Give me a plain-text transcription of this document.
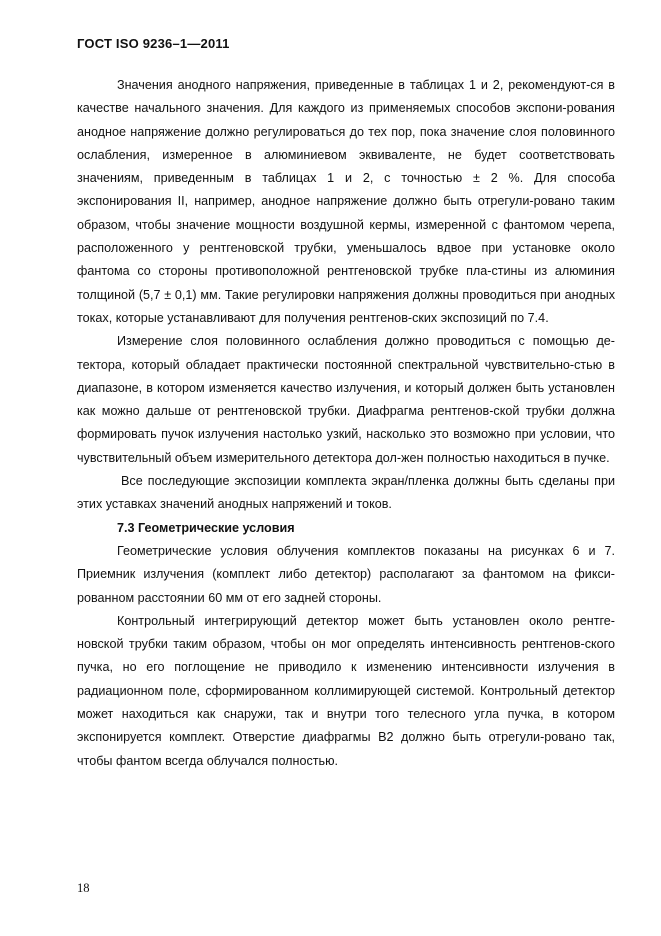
ГОСТ ISO 9236–1—2011

Значения анодного напряжения, приведенные в таблицах 1 и 2, рекомендуют-ся в качестве начального значения. Для каждого из применяемых способов экспони-рования анодное напряжение должно регулироваться до тех пор, пока значение слоя половинного ослабления, измеренное в алюминиевом эквиваленте, не будет соответствовать значениям, приведенным в таблицах 1 и 2, с точностью ± 2 %. Для способа экспонирования II, например, анодное напряжение должно быть отрегули-ровано таким образом, чтобы значение мощности воздушной кермы, измеренной с фантомом черепа, расположенного у рентгеновской трубки, уменьшалось вдвое при установке около фантома со стороны противоположной рентгеновской трубке пла-стины из алюминия толщиной (5,7 ± 0,1) мм. Такие регулировки напряжения должны проводиться при анодных токах, которые устанавливают для получения рентгенов-ских экспозиций по 7.4.

Измерение слоя половинного ослабления должно проводиться с помощью де-тектора, который обладает практически постоянной спектральной чувствительно-стью в диапазоне, в котором изменяется качество излучения, и который должен быть установлен как можно дальше от рентгеновской трубки. Диафрагма рентгенов-ской трубки должна формировать пучок излучения настолько узкий, насколько это возможно при условии, что чувствительный объем измерительного детектора дол-жен полностью находиться в пучке.

Все последующие экспозиции комплекта экран/пленка должны быть сделаны при этих уставках значений анодных напряжений и токов.

7.3 Геометрические условия

Геометрические условия облучения комплектов показаны на рисунках 6 и 7. Приемник излучения (комплект либо детектор) располагают за фантомом на фикси-рованном расстоянии 60 мм от его задней стороны.

Контрольный интегрирующий детектор может быть установлен около рентге-новской трубки таким образом, чтобы он мог определять интенсивность рентгенов-ского пучка, но его поглощение не приводило к изменению интенсивности излучения в радиационном поле, сформированном коллимирующей системой. Контрольный детектор может находиться как снаружи, так и внутри того телесного угла пучка, в котором экспонируется комплект. Отверстие диафрагмы В2 должно быть отрегули-ровано так, чтобы фантом всегда облучался полностью.

18
